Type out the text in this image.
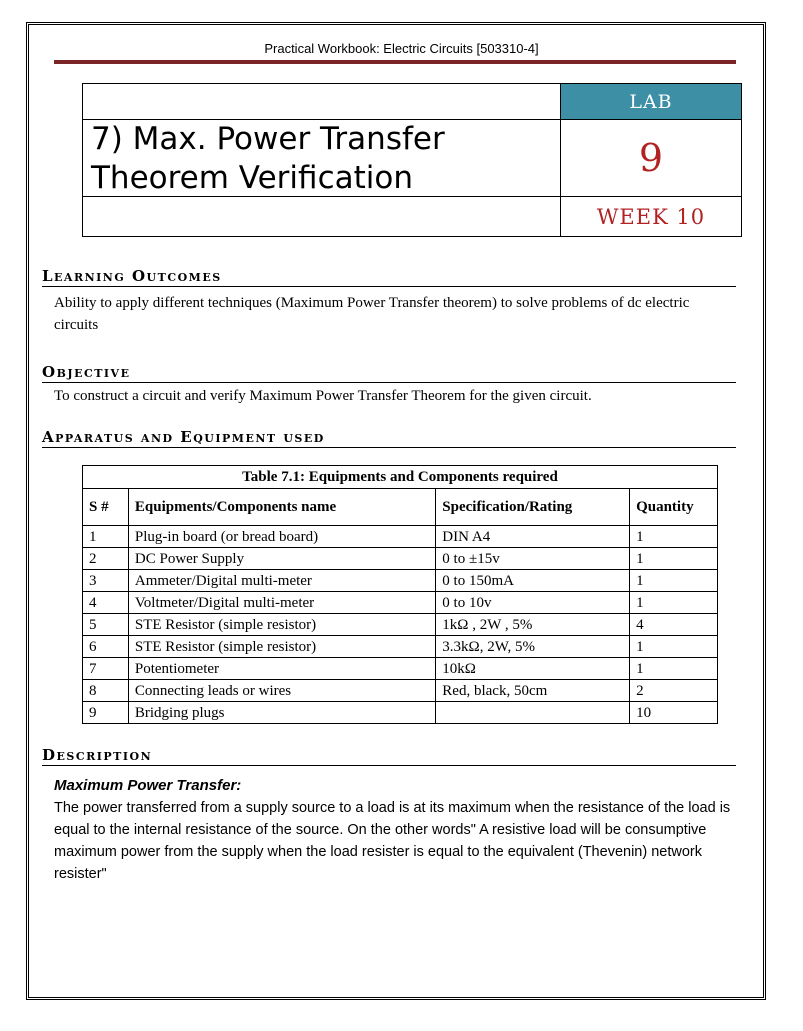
Practical Workbook: Electric Circuits [503310-4]
LAB
7) Max. Power Transfer
Theorem Verification	9
WEEK 10
Learning Outcomes
Ability to apply different techniques (Maximum Power Transfer theorem) to solve problems of dc electric circuits
Objective
To construct a circuit and verify Maximum Power Transfer Theorem for the given circuit.
Apparatus and Equipment used
Table 7.1: Equipments and Components required
S #	Equipments/Components name	Specification/Rating	Quantity
1	Plug-in board (or bread board)	DIN A4	1
2	DC Power Supply	0 to ±15v	1
3	Ammeter/Digital multi-meter	0 to 150mA	1
4	Voltmeter/Digital multi-meter	0 to 10v	1
5	STE Resistor (simple resistor)	1kΩ , 2W , 5%	4
6	STE Resistor (simple resistor)	3.3kΩ, 2W, 5%	1
7	Potentiometer	10kΩ	1
8	Connecting leads or wires	Red, black, 50cm	2
9	Bridging plugs		10
Description
Maximum Power Transfer:
The power transferred from a supply source to a load is at its maximum when the resistance of the load is equal to the internal resistance of the source. On the other words" A resistive load will be consumptive maximum power from the supply when the load resister is equal to the equivalent (Thevenin) network resister"
